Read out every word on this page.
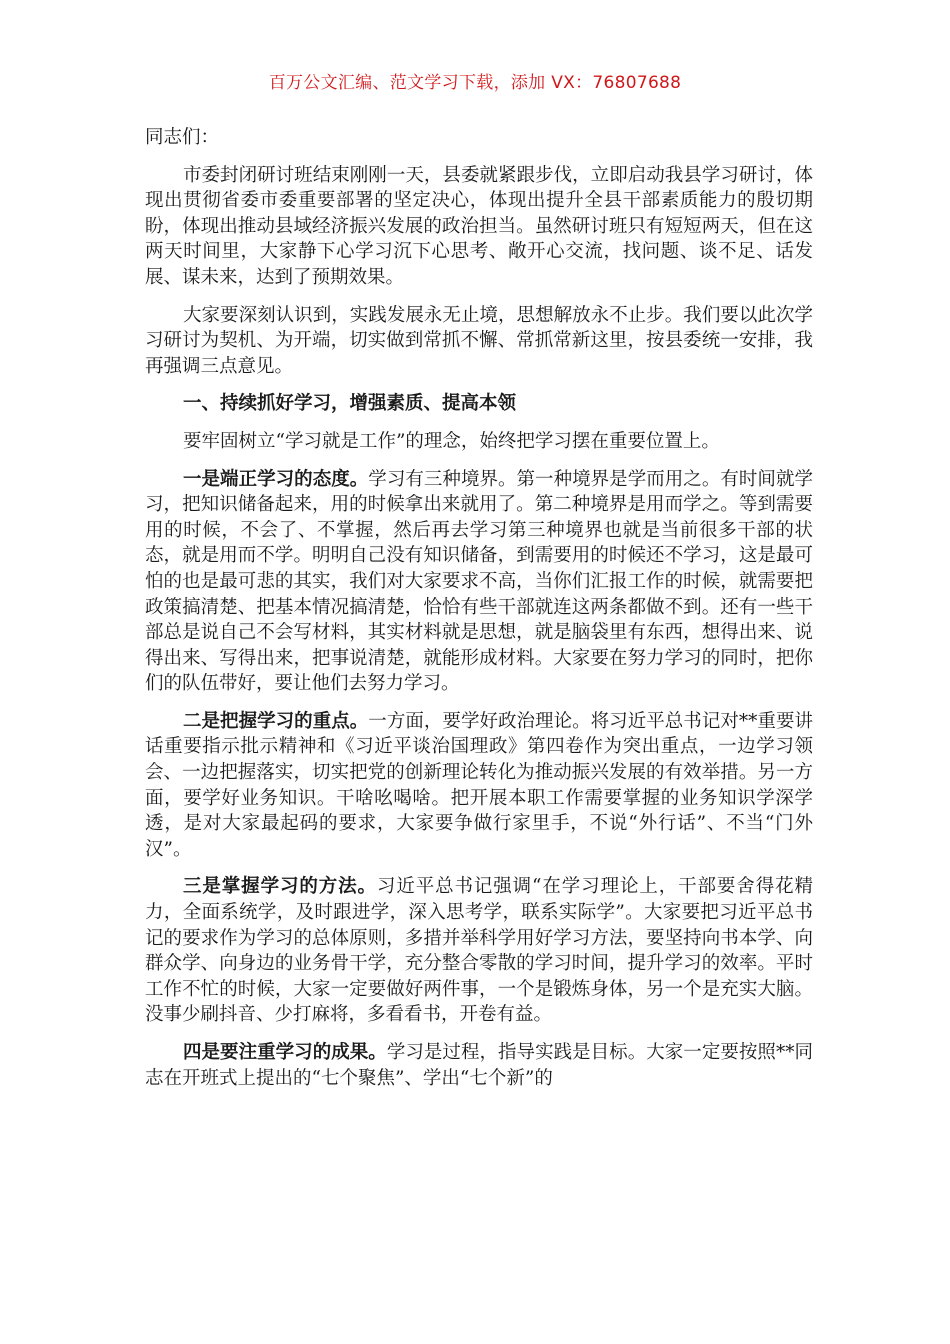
百万公文汇编、范文学习下载，添加 VX：76807688

同志们：

市委封闭研讨班结束刚刚一天，县委就紧跟步伐，立即启动我县学习研讨，体现出贯彻省委市委重要部署的坚定决心，体现出提升全县干部素质能力的殷切期盼，体现出推动县域经济振兴发展的政治担当。虽然研讨班只有短短两天，但在这两天时间里，大家静下心学习沉下心思考、敞开心交流，找问题、谈不足、话发展、谋未来，达到了预期效果。

大家要深刻认识到，实践发展永无止境，思想解放永不止步。我们要以此次学习研讨为契机、为开端，切实做到常抓不懈、常抓常新这里，按县委统一安排，我再强调三点意见。

一、持续抓好学习，增强素质、提高本领

要牢固树立“学习就是工作”的理念，始终把学习摆在重要位置上。

一是端正学习的态度。学习有三种境界。第一种境界是学而用之。有时间就学习，把知识储备起来，用的时候拿出来就用了。第二种境界是用而学之。等到需要用的时候，不会了、不掌握，然后再去学习第三种境界也就是当前很多干部的状态，就是用而不学。明明自己没有知识储备，到需要用的时候还不学习，这是最可怕的也是最可悲的其实，我们对大家要求不高，当你们汇报工作的时候，就需要把政策搞清楚、把基本情况搞清楚，恰恰有些干部就连这两条都做不到。还有一些干部总是说自己不会写材料，其实材料就是思想，就是脑袋里有东西，想得出来、说得出来、写得出来，把事说清楚，就能形成材料。大家要在努力学习的同时，把你们的队伍带好，要让他们去努力学习。

二是把握学习的重点。一方面，要学好政治理论。将习近平总书记对**重要讲话重要指示批示精神和《习近平谈治国理政》第四卷作为突出重点，一边学习领会、一边把握落实，切实把党的创新理论转化为推动振兴发展的有效举措。另一方面，要学好业务知识。干啥吆喝啥。把开展本职工作需要掌握的业务知识学深学透，是对大家最起码的要求，大家要争做行家里手，不说“外行话”、不当“门外汉”。

三是掌握学习的方法。习近平总书记强调“在学习理论上，干部要舍得花精力，全面系统学，及时跟进学，深入思考学，联系实际学”。大家要把习近平总书记的要求作为学习的总体原则，多措并举科学用好学习方法，要坚持向书本学、向群众学、向身边的业务骨干学，充分整合零散的学习时间，提升学习的效率。平时工作不忙的时候，大家一定要做好两件事，一个是锻炼身体，另一个是充实大脑。没事少刷抖音、少打麻将，多看看书，开卷有益。

四是要注重学习的成果。学习是过程，指导实践是目标。大家一定要按照**同志在开班式上提出的“七个聚焦”、学出“七个新”的
